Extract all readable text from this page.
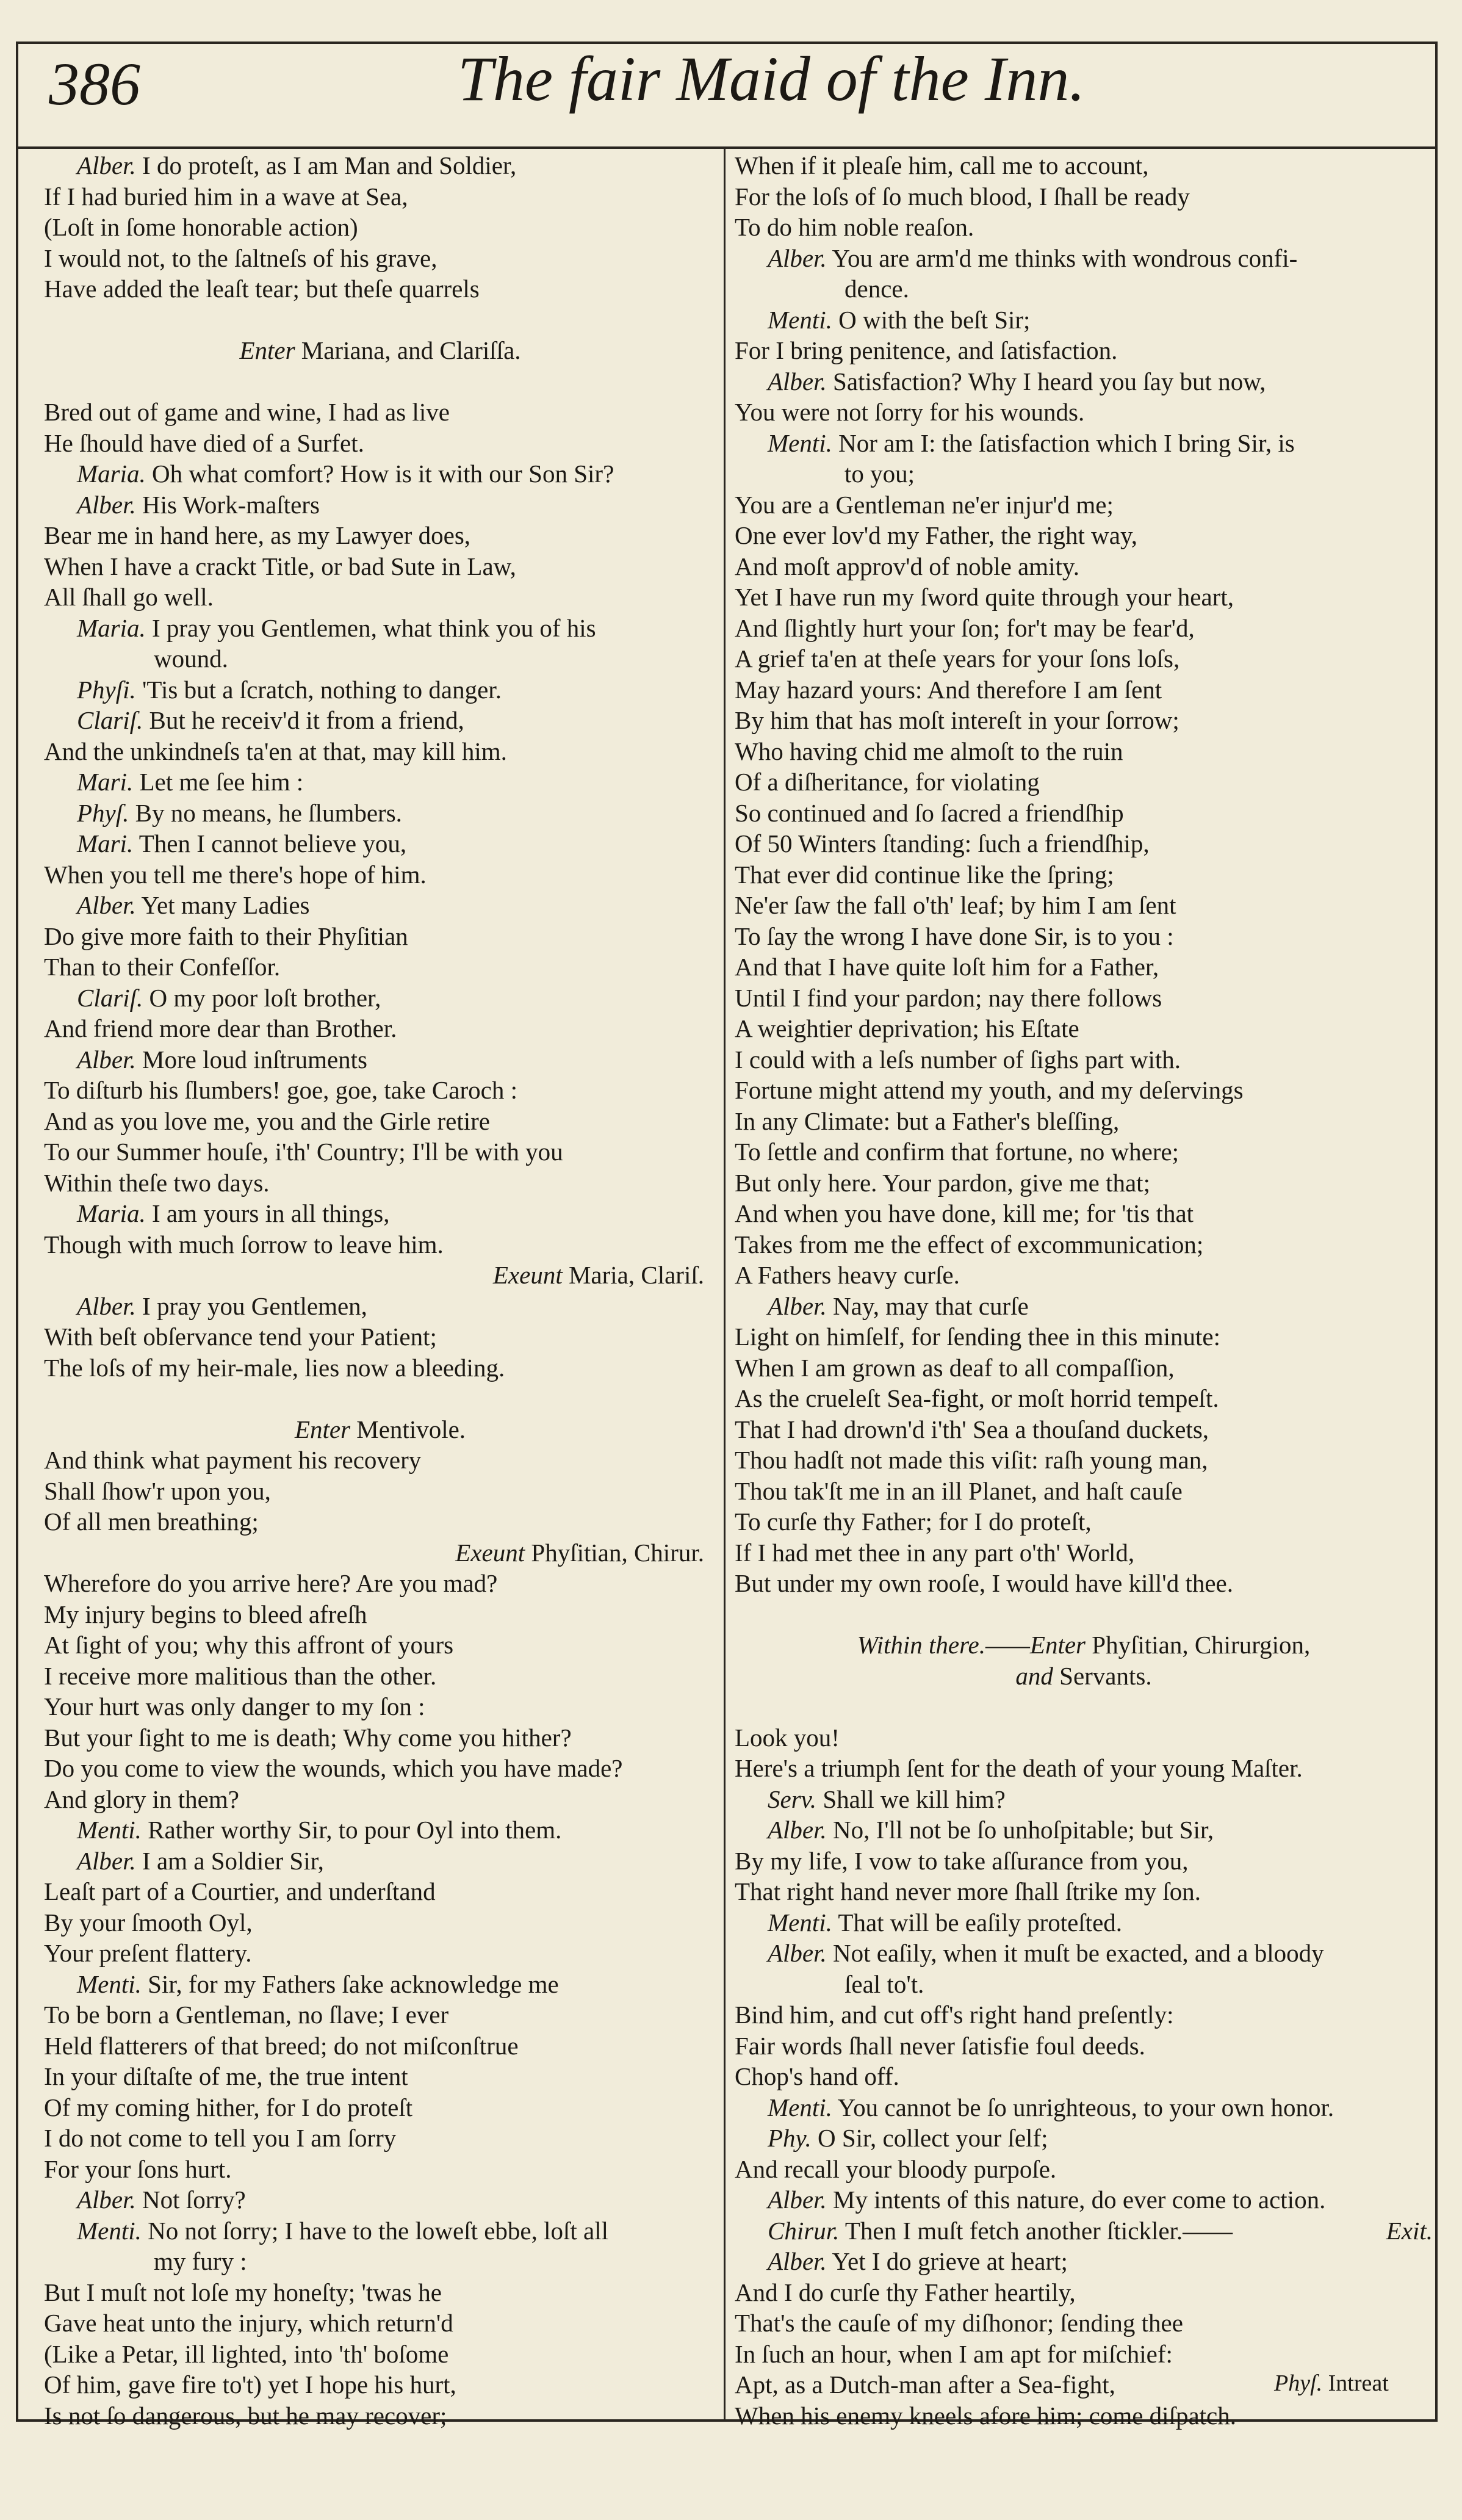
386	The fair Maid of the Inn.
Alber. I do proteſt, as I am Man and Soldier,
If I had buried him in a wave at Sea,
(Loſt in ſome honorable action)
I would not, to the ſaltneſs of his grave,
Have added the leaſt tear; but theſe quarrels
Enter Mariana, and Clariſſa.
Bred out of game and wine, I had as live
He ſhould have died of a Surfet.
Maria. Oh what comfort? How is it with our Son Sir?
Alber. His Work-maſters
Bear me in hand here, as my Lawyer does,
When I have a crackt Title, or bad Sute in Law,
All ſhall go well.
Maria. I pray you Gentlemen, what think you of his
wound.
Phyſi. 'Tis but a ſcratch, nothing to danger.
Clariſ. But he receiv'd it from a friend,
And the unkindneſs ta'en at that, may kill him.
Mari. Let me ſee him :
Phyſ. By no means, he ſlumbers.
Mari. Then I cannot believe you,
When you tell me there's hope of him.
Alber. Yet many Ladies
Do give more faith to their Phyſitian
Than to their Confeſſor.
Clariſ. O my poor loſt brother,
And friend more dear than Brother.
Alber. More loud inſtruments
To diſturb his ſlumbers! goe, goe, take Caroch :
And as you love me, you and the Girle retire
To our Summer houſe, i'th' Country; I'll be with you
Within theſe two days.
Maria. I am yours in all things,
Though with much ſorrow to leave him.
Exeunt Maria, Clariſ.
Alber. I pray you Gentlemen,
With beſt obſervance tend your Patient;
The loſs of my heir-male, lies now a bleeding.
Enter Mentivole.
And think what payment his recovery
Shall ſhow'r upon you,
Of all men breathing;
Exeunt Phyſitian, Chirur.
Wherefore do you arrive here? Are you mad?
My injury begins to bleed afreſh
At ſight of you; why this affront of yours
I receive more malitious than the other.
Your hurt was only danger to my ſon :
But your ſight to me is death; Why come you hither?
Do you come to view the wounds, which you have made?
And glory in them?
Menti. Rather worthy Sir, to pour Oyl into them.
Alber. I am a Soldier Sir,
Leaſt part of a Courtier, and underſtand
By your ſmooth Oyl,
Your preſent flattery.
Menti. Sir, for my Fathers ſake acknowledge me
To be born a Gentleman, no ſlave; I ever
Held flatterers of that breed; do not miſconſtrue
In your diſtaſte of me, the true intent
Of my coming hither, for I do proteſt
I do not come to tell you I am ſorry
For your ſons hurt.
Alber. Not ſorry?
Menti. No not ſorry; I have to the loweſt ebbe, loſt all
my fury :
But I muſt not loſe my honeſty; 'twas he
Gave heat unto the injury, which return'd
(Like a Petar, ill lighted, into 'th' boſome
Of him, gave fire to't) yet I hope his hurt,
Is not ſo dangerous, but he may recover;
When if it pleaſe him, call me to account,
For the loſs of ſo much blood, I ſhall be ready
To do him noble reaſon.
Alber. You are arm'd me thinks with wondrous confi-
dence.
Menti. O with the beſt Sir;
For I bring penitence, and ſatisfaction.
Alber. Satisfaction? Why I heard you ſay but now,
You were not ſorry for his wounds.
Menti. Nor am I: the ſatisfaction which I bring Sir, is
to you;
You are a Gentleman ne'er injur'd me;
One ever lov'd my Father, the right way,
And moſt approv'd of noble amity.
Yet I have run my ſword quite through your heart,
And ſlightly hurt your ſon; for't may be fear'd,
A grief ta'en at theſe years for your ſons loſs,
May hazard yours: And therefore I am ſent
By him that has moſt intereſt in your ſorrow;
Who having chid me almoſt to the ruin
Of a diſheritance, for violating
So continued and ſo ſacred a friendſhip
Of 50 Winters ſtanding: ſuch a friendſhip,
That ever did continue like the ſpring;
Ne'er ſaw the fall o'th' leaf; by him I am ſent
To ſay the wrong I have done Sir, is to you :
And that I have quite loſt him for a Father,
Until I find your pardon; nay there follows
A weightier deprivation; his Eſtate
I could with a leſs number of ſighs part with.
Fortune might attend my youth, and my deſervings
In any Climate: but a Father's bleſſing,
To ſettle and confirm that fortune, no where;
But only here. Your pardon, give me that;
And when you have done, kill me; for 'tis that
Takes from me the effect of excommunication;
A Fathers heavy curſe.
Alber. Nay, may that curſe
Light on himſelf, for ſending thee in this minute:
When I am grown as deaf to all compaſſion,
As the crueleſt Sea-fight, or moſt horrid tempeſt.
That I had drown'd i'th' Sea a thouſand duckets,
Thou hadſt not made this viſit: raſh young man,
Thou tak'ſt me in an ill Planet, and haſt cauſe
To curſe thy Father; for I do proteſt,
If I had met thee in any part o'th' World,
But under my own rooſe, I would have kill'd thee.
Within there.——Enter Phyſitian, Chirurgion,
and Servants.
Look you!
Here's a triumph ſent for the death of your young Maſter.
Serv. Shall we kill him?
Alber. No, I'll not be ſo unhoſpitable; but Sir,
By my life, I vow to take aſſurance from you,
That right hand never more ſhall ſtrike my ſon.
Menti. That will be eaſily proteſted.
Alber. Not eaſily, when it muſt be exacted, and a bloody
ſeal to't.
Bind him, and cut off's right hand preſently:
Fair words ſhall never ſatisfie foul deeds.
Chop's hand off.
Menti. You cannot be ſo unrighteous, to your own honor.
Phy. O Sir, collect your ſelf;
And recall your bloody purpoſe.
Alber. My intents of this nature, do ever come to action.
Chirur. Then I muſt fetch another ſtickler.——	Exit.
Alber. Yet I do grieve at heart;
And I do curſe thy Father heartily,
That's the cauſe of my diſhonor; ſending thee
In ſuch an hour, when I am apt for miſchief:
Apt, as a Dutch-man after a Sea-fight,
When his enemy kneels afore him; come diſpatch.
Phyſ. Intreat
